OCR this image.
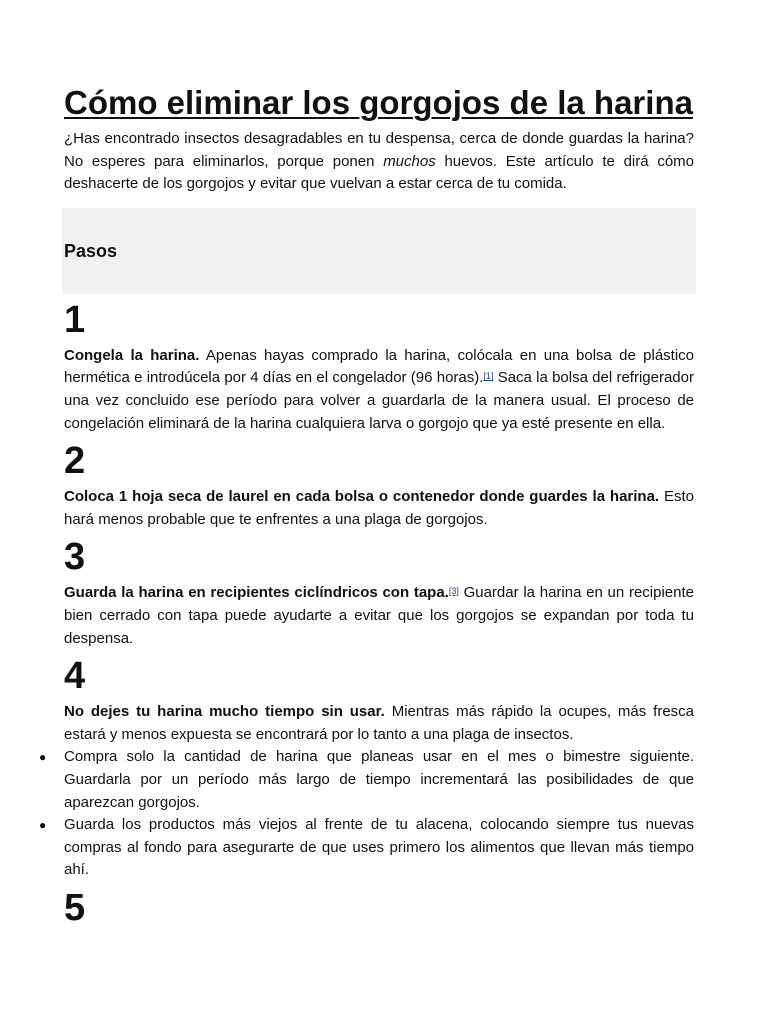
Cómo eliminar los gorgojos de la harina

¿Has encontrado insectos desagradables en tu despensa, cerca de donde guardas la harina? No esperes para eliminarlos, porque ponen muchos huevos. Este artículo te dirá cómo deshacerte de los gorgojos y evitar que vuelvan a estar cerca de tu comida.

Pasos
1

Congela la harina. Apenas hayas comprado la harina, colócala en una bolsa de plástico hermética e introdúcela por 4 días en el congelador (96 horas).[1] Saca la bolsa del refrigerador una vez concluido ese período para volver a guardarla de la manera usual. El proceso de congelación eliminará de la harina cualquiera larva o gorgojo que ya esté presente en ella.

2

Coloca 1 hoja seca de laurel en cada bolsa o contenedor donde guardes la harina. Esto hará menos probable que te enfrentes a una plaga de gorgojos.

3

Guarda la harina en recipientes ciclíndricos con tapa.[3] Guardar la harina en un recipiente bien cerrado con tapa puede ayudarte a evitar que los gorgojos se expandan por toda tu despensa.

4

No dejes tu harina mucho tiempo sin usar. Mientras más rápido la ocupes, más fresca estará y menos expuesta se encontrará por lo tanto a una plaga de insectos.

● Compra solo la cantidad de harina que planeas usar en el mes o bimestre siguiente. Guardarla por un período más largo de tiempo incrementará las posibilidades de que aparezcan gorgojos.
● Guarda los productos más viejos al frente de tu alacena, colocando siempre tus nuevas compras al fondo para asegurarte de que uses primero los alimentos que llevan más tiempo ahí.
5
